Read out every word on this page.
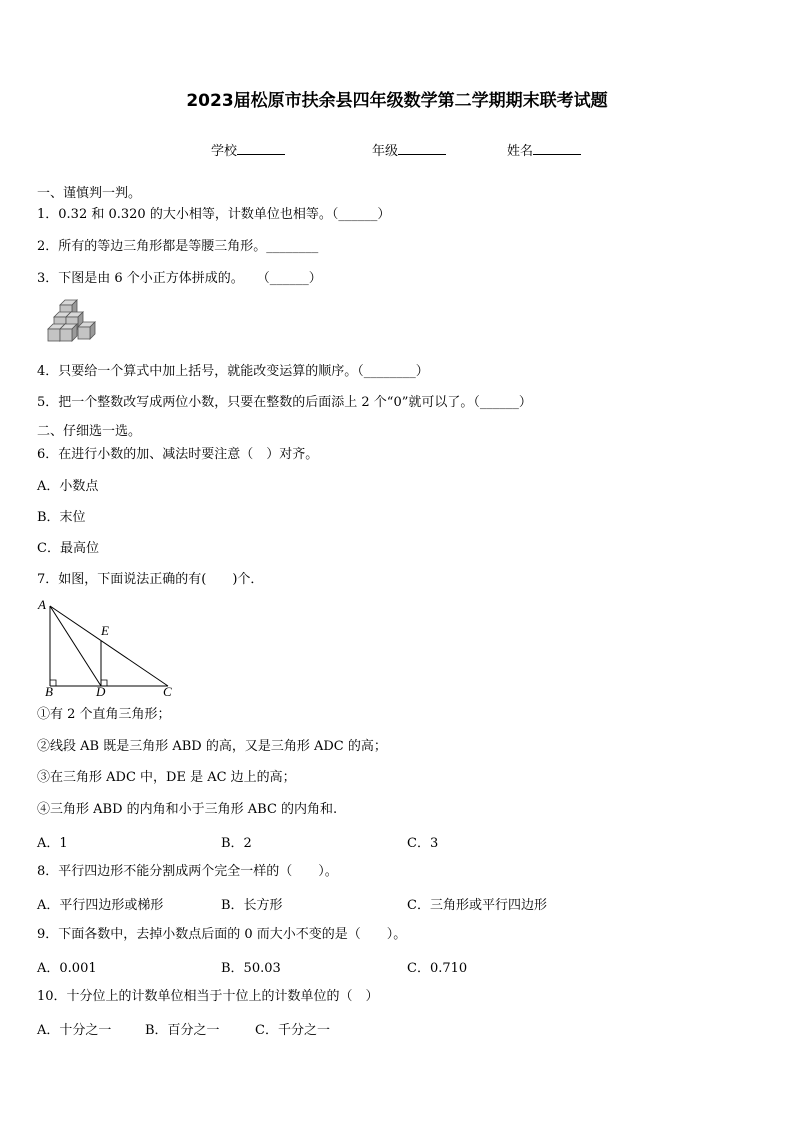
2023届松原市扶余县四年级数学第二学期期末联考试题
学校	年级	姓名
一、谨慎判一判。
1．0.32 和 0.320 的大小相等，计数单位也相等。（______）
2．所有的等边三角形都是等腰三角形。________
3．下图是由 6 个小正方体拼成的。　　（______）
4．只要给一个算式中加上括号，就能改变运算的顺序。（________）
5．把一个整数改写成两位小数，只要在整数的后面添上 2 个“0”就可以了。（______）
二、仔细选一选。
6．在进行小数的加、减法时要注意（　）对齐。
A．小数点
B．末位
C．最高位
7．如图，下面说法正确的有(　　)个．
A
B	C
D
E
①有 2 个直角三角形；
②线段 AB 既是三角形 ABD 的高，又是三角形 ADC 的高；
③在三角形 ADC 中，DE 是 AC 边上的高；
④三角形 ABD 的内角和小于三角形 ABC 的内角和.
A．1	B．2	C．3
8．平行四边形不能分割成两个完全一样的（　　）。
A．平行四边形或梯形	B．长方形	C．三角形或平行四边形
9．下面各数中，去掉小数点后面的 0 而大小不变的是（　　）。
A．0.001	B．50.03	C．0.710
10．十分位上的计数单位相当于十位上的计数单位的（　）
A．十分之一	B．百分之一	C．千分之一
